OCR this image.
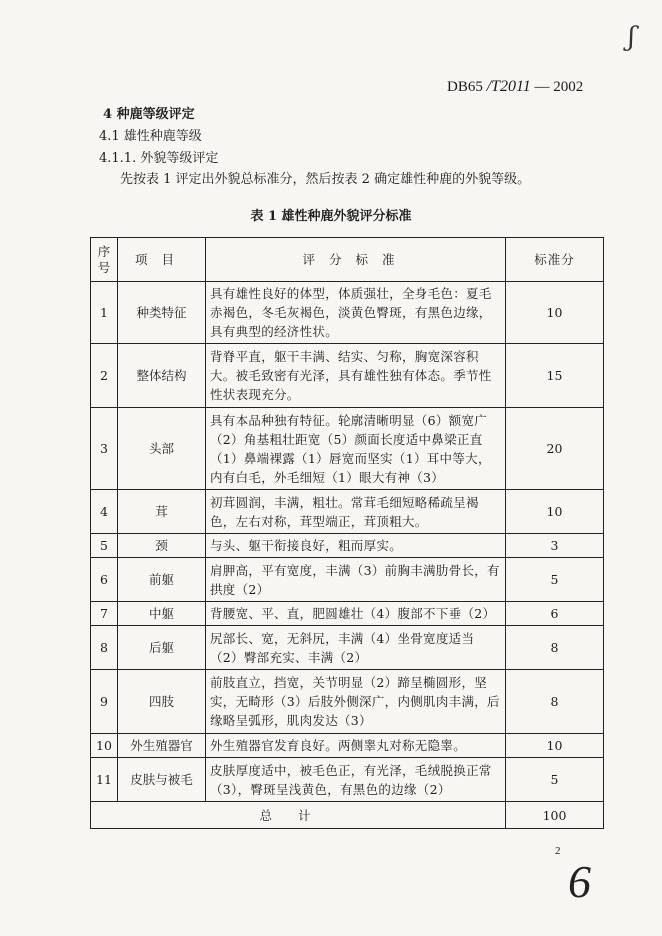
ʃ
DB65 /T2011 — 2002
4 种鹿等级评定
4.1 雄性种鹿等级
4.1.1. 外貌等级评定
先按表 1 评定出外貌总标准分，然后按表 2 确定雄性种鹿的外貌等级。
表 1 雄性种鹿外貌评分标准
序号	项目	评分标准	标准分
1	种类特征	具有雄性良好的体型，体质强壮，全身毛色：夏毛赤褐色，冬毛灰褐色，淡黄色臀斑，有黑色边缘，具有典型的经济性状。	10
2	整体结构	背脊平直，躯干丰满、结实、匀称，胸宽深容积大。被毛致密有光泽，具有雄性独有体态。季节性性状表现充分。	15
3	头部	具有本品种独有特征。轮廓清晰明显（6）额宽广（2）角基粗壮距宽（5）颜面长度适中鼻梁正直（1）鼻端裸露（1）唇宽而坚实（1）耳中等大，内有白毛，外毛细短（1）眼大有神（3）	20
4	茸	初茸圆润，丰满，粗壮。常茸毛细短略稀疏呈褐色，左右对称，茸型端正，茸顶粗大。	10
5	颈	与头、躯干衔接良好，粗而厚实。	3
6	前躯	肩胛高，平有宽度，丰满（3）前胸丰满肋骨长，有拱度（2）	5
7	中躯	背腰宽、平、直，肥圆雄壮（4）腹部不下垂（2）	6
8	后躯	尻部长、宽，无斜尻，丰满（4）坐骨宽度适当（2）臀部充实、丰满（2）	8
9	四肢	前肢直立，挡宽，关节明显（2）蹄呈椭圆形，坚实，无畸形（3）后肢外侧深广，内侧肌肉丰满，后缘略呈弧形，肌肉发达（3）	8
10	外生殖器官	外生殖器官发育良好。两侧睾丸对称无隐睾。	10
11	皮肤与被毛	皮肤厚度适中，被毛色正，有光泽，毛绒脱换正常（3），臀斑呈浅黄色，有黑色的边缘（2）	5
总计			100
2
6
